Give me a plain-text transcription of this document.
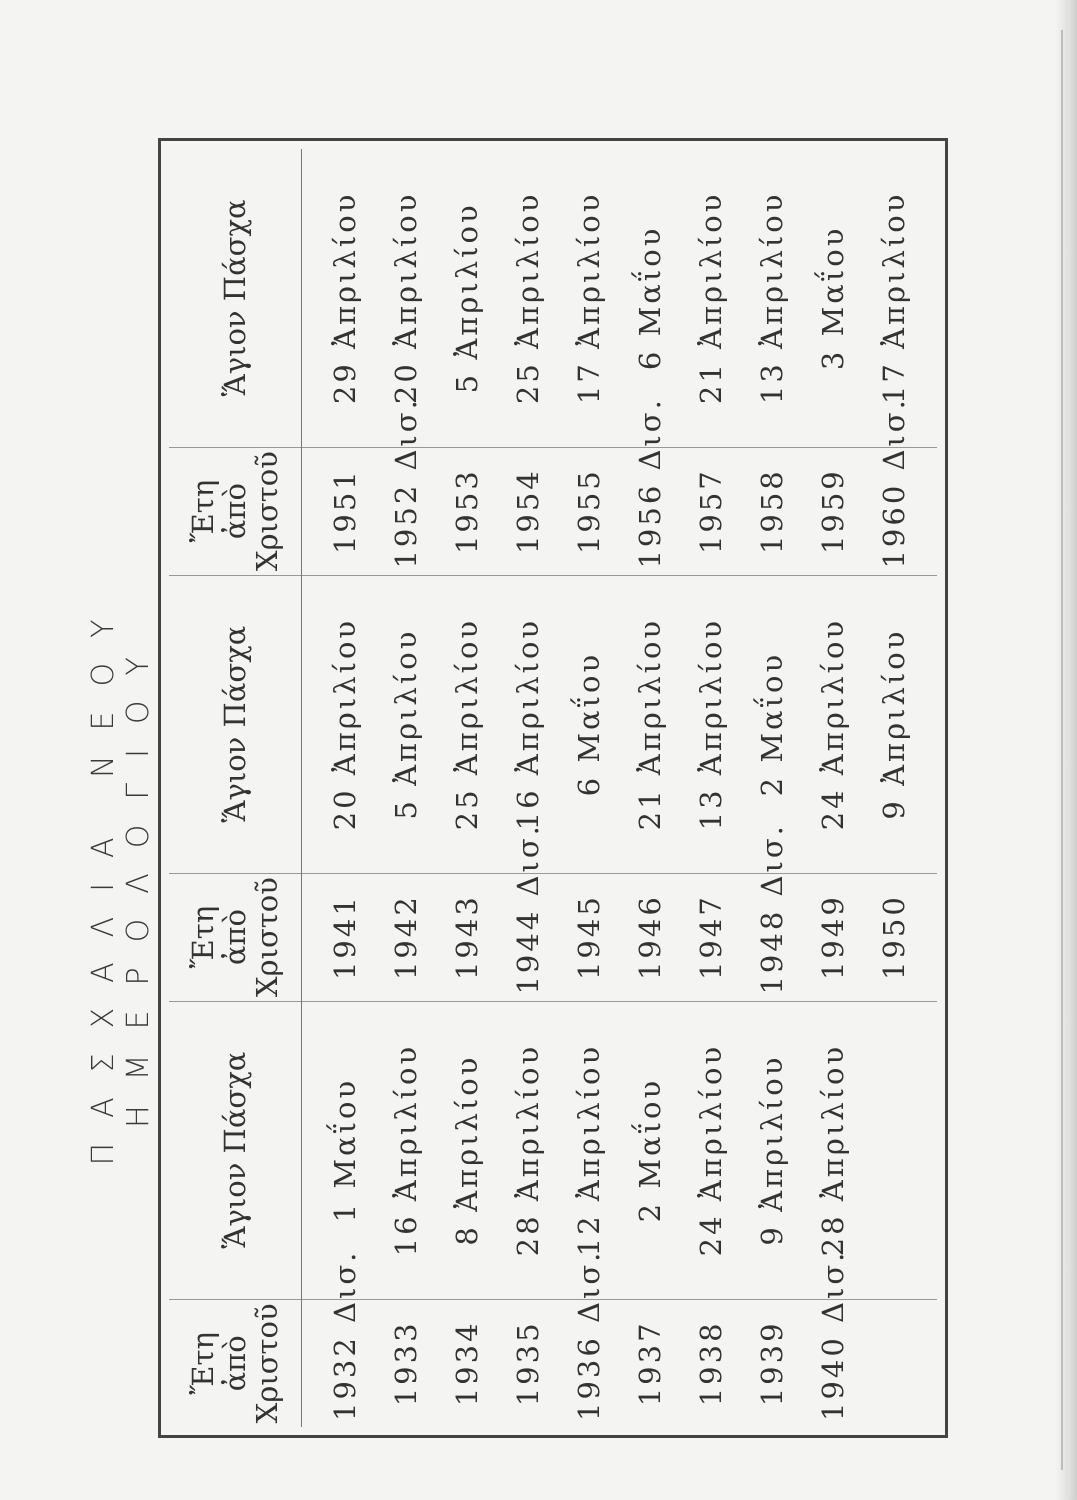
ΠΑΣΧΑΛΙΑ ΝΕΟΥ ΗΜΕΡΟΛΟΓΙΟΥ
Ἔτη ἀπὸ
Χριστοῦ	Ἅγιον Πάσχα	Ἔτη ἀπὸ
Χριστοῦ	Ἅγιον Πάσχα	Ἔτη ἀπὸ
Χριστοῦ	Ἅγιον Πάσχα

1932 Δισ.	1 Μαΐου	1941	20 Ἀπριλίου	1951	29 Ἀπριλίου
1933	16 Ἀπριλίου	1942	5 Ἀπριλίου	1952 Δισ.	20 Ἀπριλίου
1934	8 Ἀπριλίου	1943	25 Ἀπριλίου	1953	5 Ἀπριλίου
1935	28 Ἀπριλίου	1944 Δισ.	16 Ἀπριλίου	1954	25 Ἀπριλίου
1936 Δισ.	12 Ἀπριλίου	1945	6 Μαΐου	1955	17 Ἀπριλίου
1937	2 Μαΐου	1946	21 Ἀπριλίου	1956 Δισ.	6 Μαΐου
1938	24 Ἀπριλίου	1947	13 Ἀπριλίου	1957	21 Ἀπριλίου
1939	9 Ἀπριλίου	1948 Δισ.	2 Μαΐου	1958	13 Ἀπριλίου
1940 Δισ.	28 Ἀπριλίου	1949	24 Ἀπριλίου	1959	3 Μαΐου
		1950	9 Ἀπριλίου	1960 Δισ.	17 Ἀπριλίου
